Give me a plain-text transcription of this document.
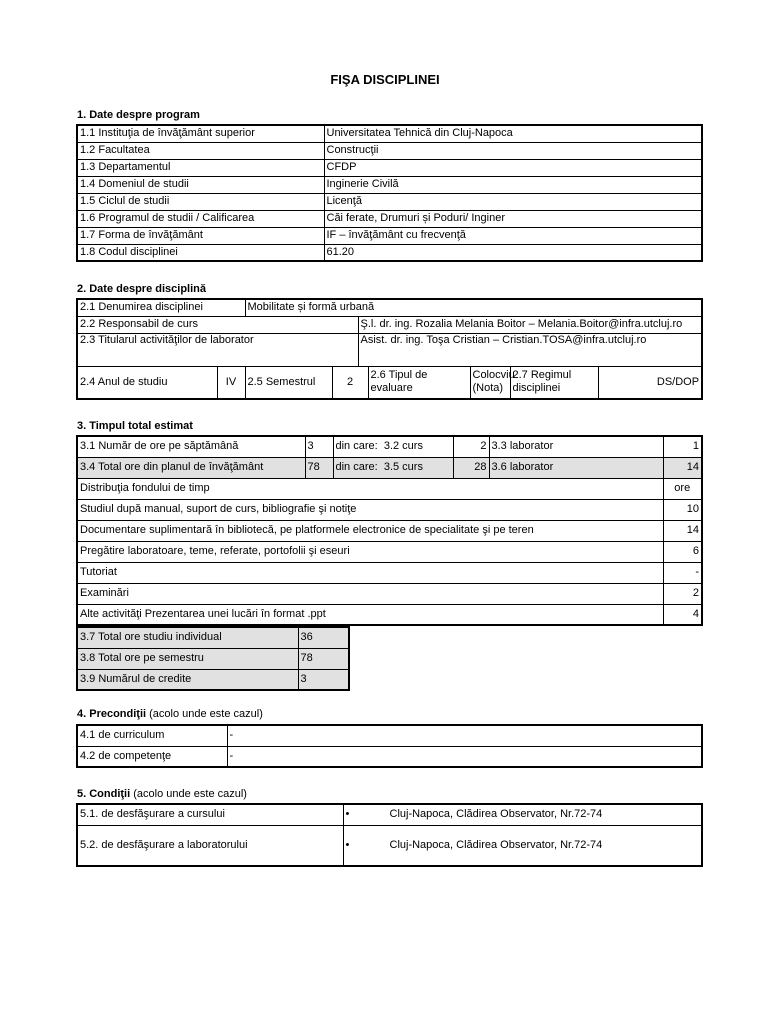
FIŞA DISCIPLINEI
1. Date despre program
1.1 Instituţia de învăţământ superior	Universitatea Tehnică din Cluj-Napoca
1.2 Facultatea	Construcţii
1.3 Departamentul	CFDP
1.4 Domeniul de studii	Inginerie Civilă
1.5 Ciclul de studii	Licenţă
1.6 Programul de studii / Calificarea	Căi ferate, Drumuri și Poduri/ Inginer
1.7 Forma de învăţământ	IF – învăţământ cu frecvenţă
1.8 Codul disciplinei	61.20
2. Date despre disciplină
2.1 Denumirea disciplinei		Mobilitate și formă urbană						
2.2 Responsabil de curs				Ş.l. dr. ing. Rozalia Melania Boitor – Melania.Boitor@infra.utcluj.ro				
2.3 Titularul activităţilor de laborator				Asist. dr. ing. Toşa Cristian – Cristian.TOSA@infra.utcluj.ro				
2.4 Anul de studiu	IV	2.5 Semestrul	2		2.6 Tipul de evaluare	Colocviu (Nota)	2.7 Regimul disciplinei	DS/DOP
3. Timpul total estimat
3.1 Număr de ore pe săptămână	3	din care: 3.2 curs	2	3.3 laborator	1
3.4 Total ore din planul de învăţământ	78	din care: 3.5 curs	28	3.6 laborator	14
Distribuţia fondului de timp					ore
Studiul după manual, suport de curs, bibliografie şi notiţe					10
Documentare suplimentară în bibliotecă, pe platformele electronice de specialitate şi pe teren					14
Pregătire laboratoare, teme, referate, portofolii şi eseuri					6
Tutoriat					-
Examinări					2
Alte activităţi Prezentarea unei lucări în format .ppt					4
3.7 Total ore studiu individual	36
3.8 Total ore pe semestru	78
3.9 Numărul de credite	3
4. Precondiţii (acolo unde este cazul)
4.1 de curriculum	-
4.2 de competenţe	-
5. Condiţii (acolo unde este cazul)
5.1. de desfăşurare a cursului	• Cluj-Napoca, Clădirea Observator, Nr.72-74
5.2. de desfăşurare a laboratorului	• Cluj-Napoca, Clădirea Observator, Nr.72-74
